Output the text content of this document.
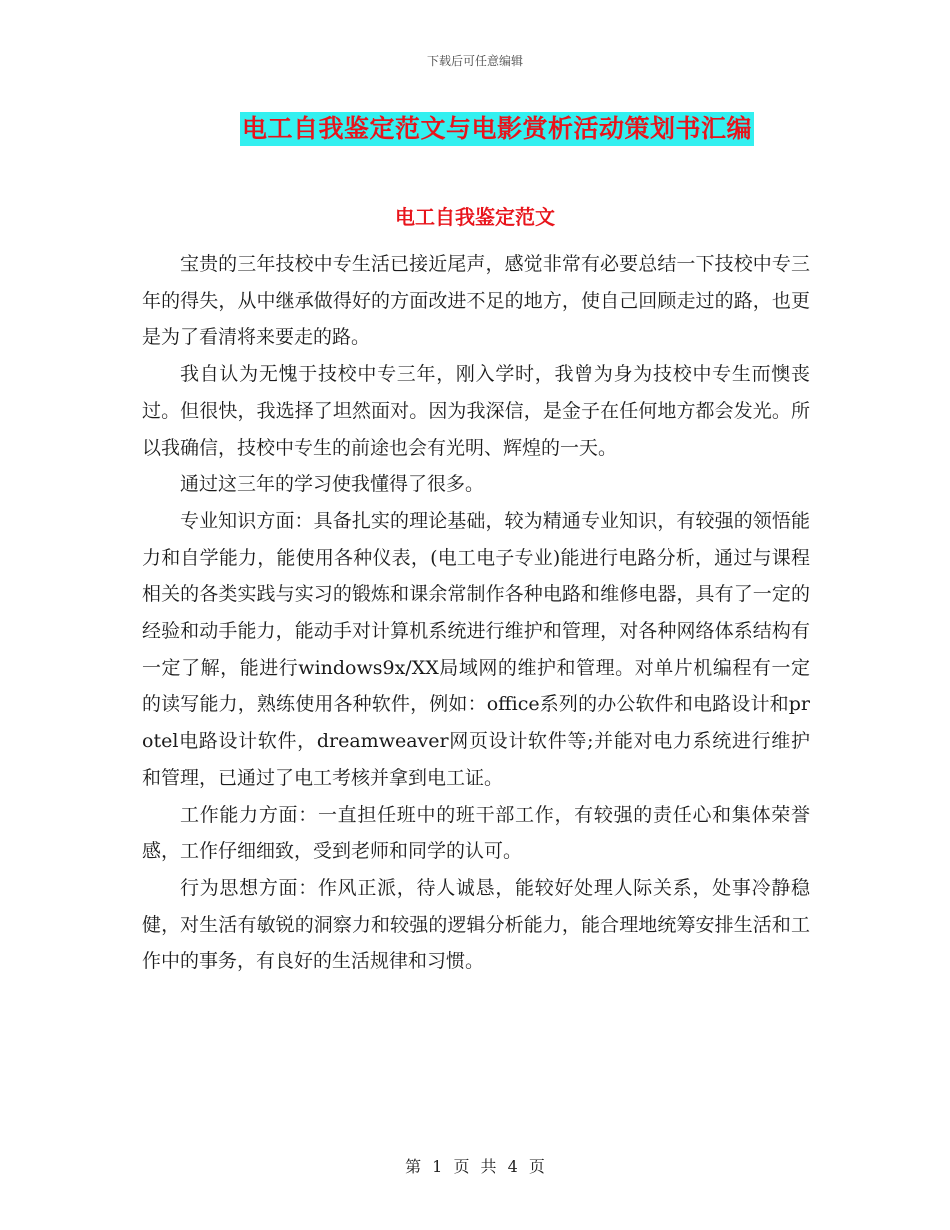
下载后可任意编辑
电工自我鉴定范文与电影赏析活动策划书汇编
电工自我鉴定范文

宝贵的三年技校中专生活已接近尾声，感觉非常有必要总结一下技校中专三年的得失，从中继承做得好的方面改进不足的地方，使自己回顾走过的路，也更是为了看清将来要走的路。

我自认为无愧于技校中专三年，刚入学时，我曾为身为技校中专生而懊丧过。但很快，我选择了坦然面对。因为我深信，是金子在任何地方都会发光。所以我确信，技校中专生的前途也会有光明、辉煌的一天。

通过这三年的学习使我懂得了很多。

专业知识方面：具备扎实的理论基础，较为精通专业知识，有较强的领悟能力和自学能力，能使用各种仪表，(电工电子专业)能进行电路分析，通过与课程相关的各类实践与实习的锻炼和课余常制作各种电路和维修电器，具有了一定的经验和动手能力，能动手对计算机系统进行维护和管理，对各种网络体系结构有一定了解，能进行windows9x/XX局域网的维护和管理。对单片机编程有一定的读写能力，熟练使用各种软件，例如：office系列的办公软件和电路设计和protel电路设计软件，dreamweaver网页设计软件等;并能对电力系统进行维护和管理，已通过了电工考核并拿到电工证。

工作能力方面：一直担任班中的班干部工作，有较强的责任心和集体荣誉感，工作仔细细致，受到老师和同学的认可。

行为思想方面：作风正派，待人诚恳，能较好处理人际关系，处事冷静稳健，对生活有敏锐的洞察力和较强的逻辑分析能力，能合理地统筹安排生活和工作中的事务，有良好的生活规律和习惯。

第 1 页 共 4 页
